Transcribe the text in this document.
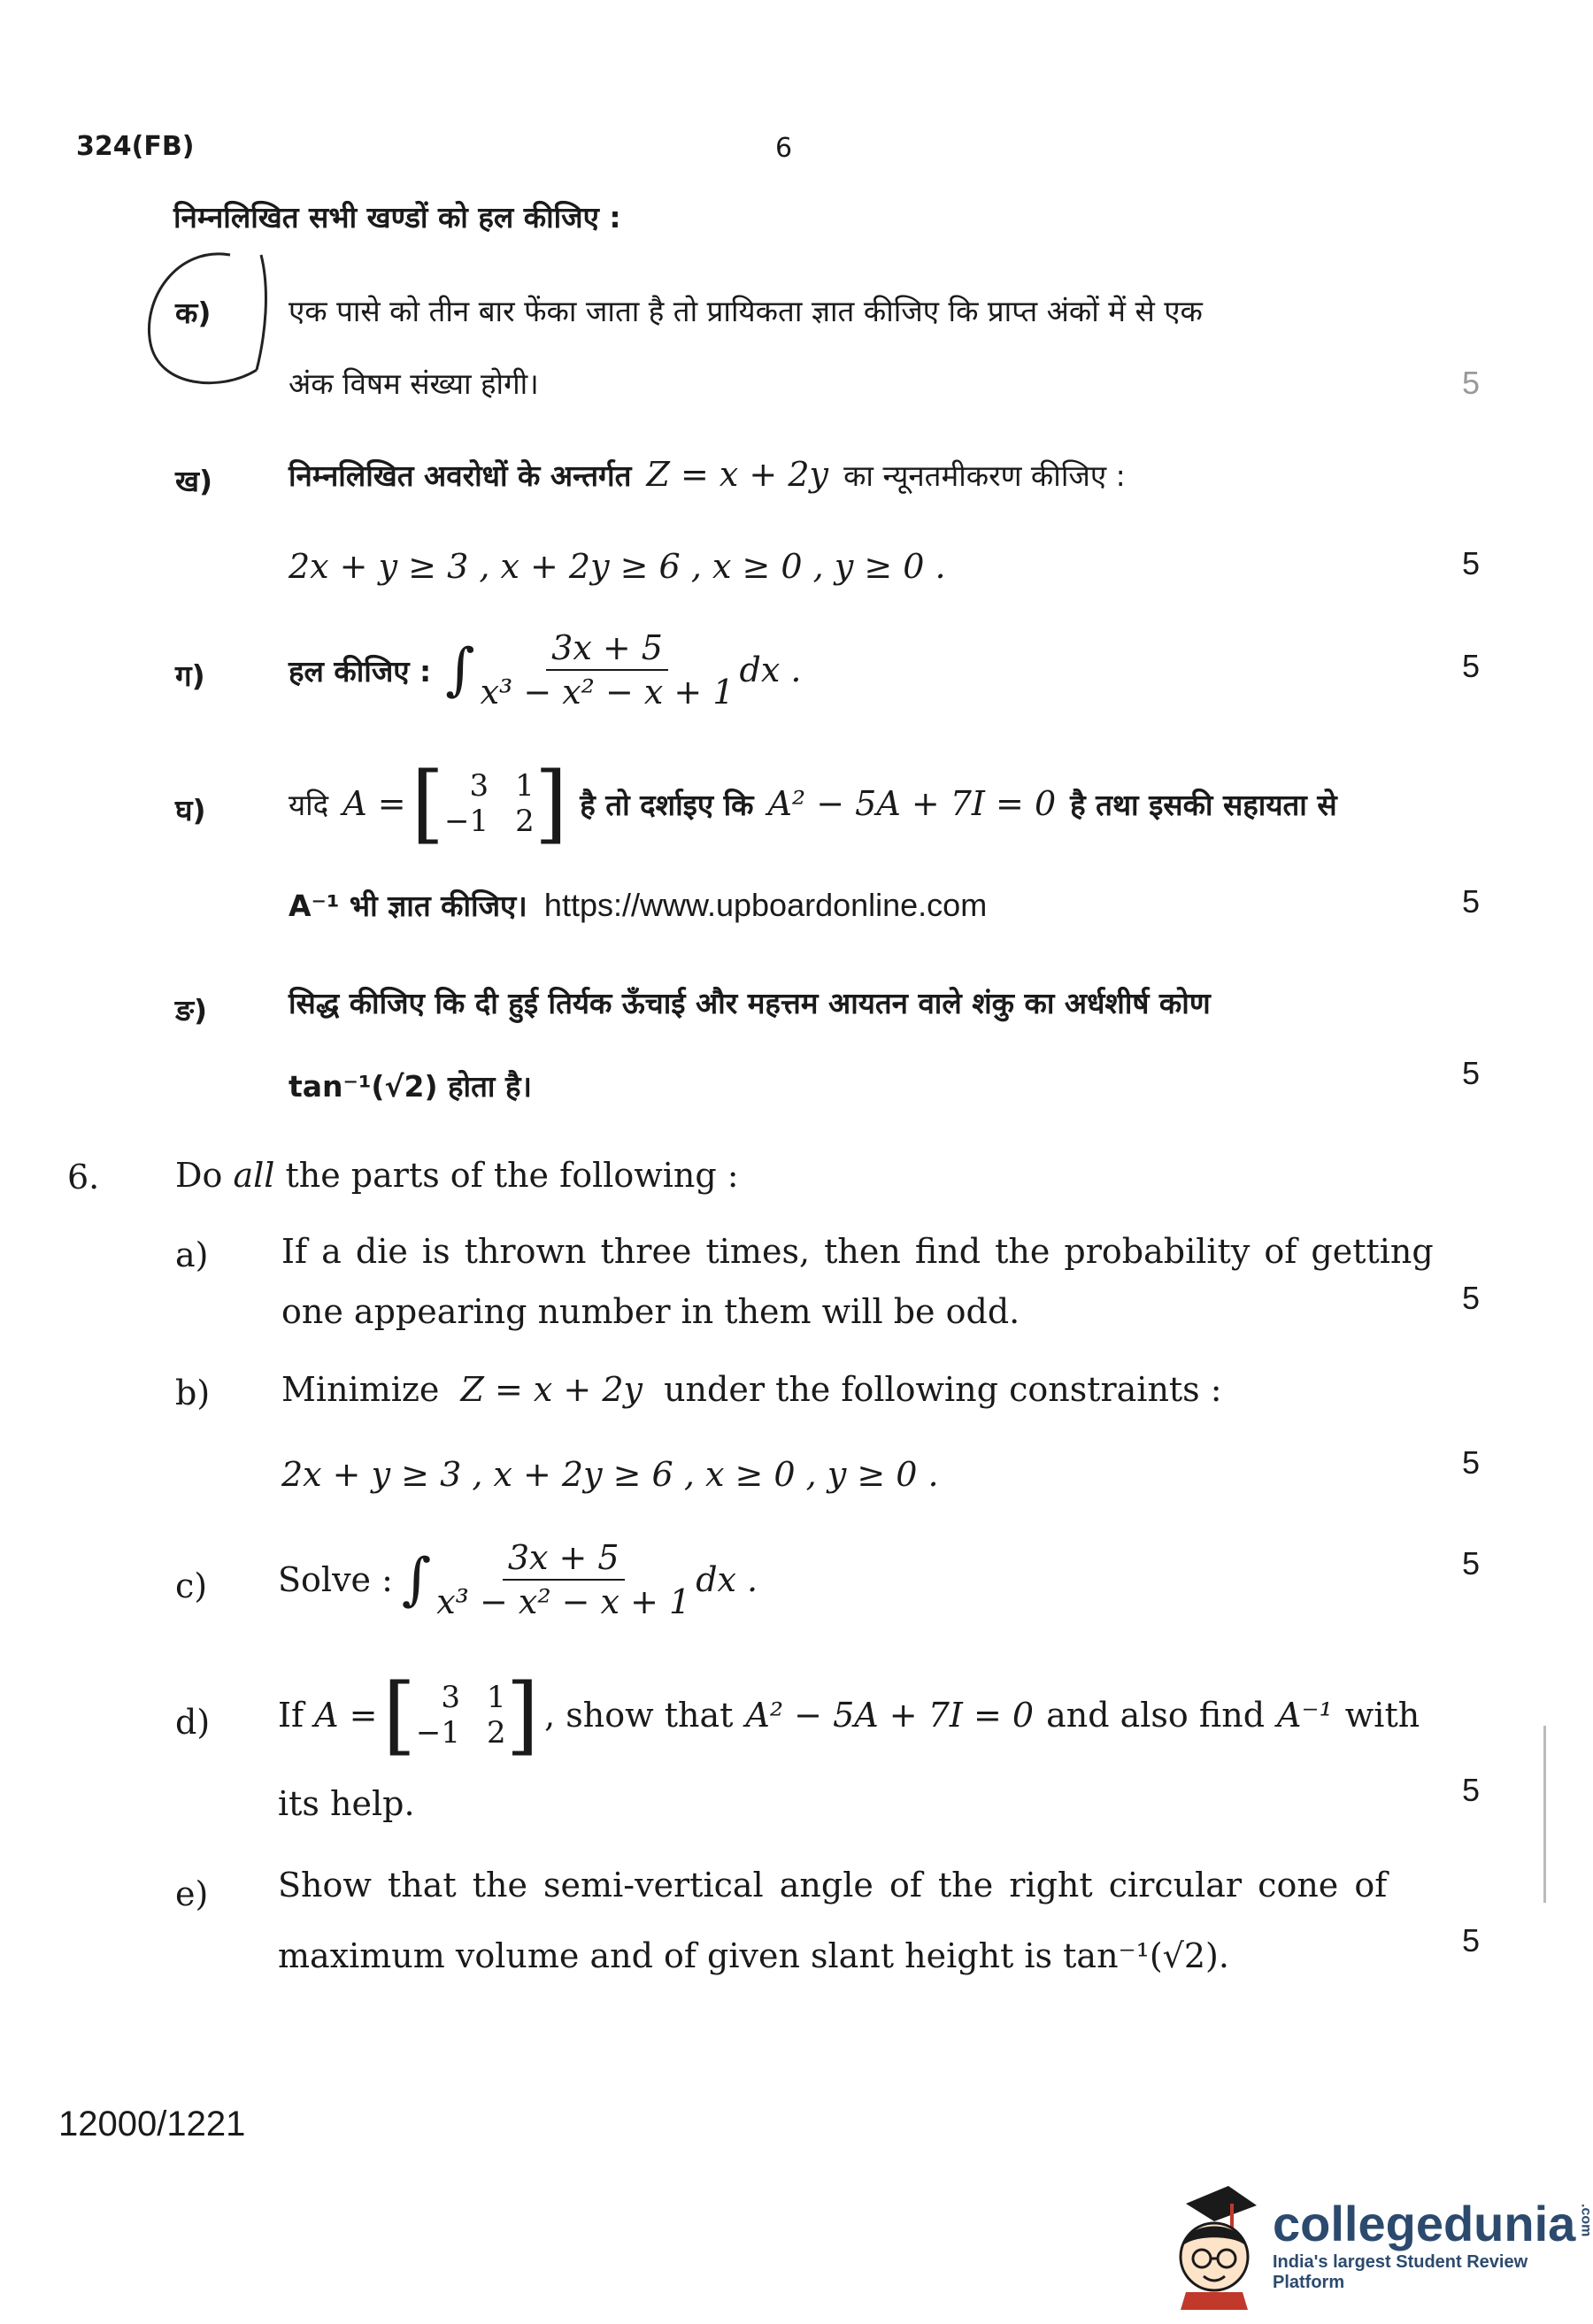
324(FB)	6
निम्नलिखित सभी खण्डों को हल कीजिए :
क)	एक पासे को तीन बार फेंका जाता है तो प्रायिकता ज्ञात कीजिए कि प्राप्त अंकों में से एक
अंक विषम संख्या होगी।	5
ख)	निम्नलिखित अवरोधों के अन्तर्गत Z = x + 2y का न्यूनतमीकरण कीजिए :
2x + y ≥ 3 , x + 2y ≥ 6 , x ≥ 0 , y ≥ 0 .	5
ग)	हल कीजिए : ∫ $\frac{3x + 5}{\text{x³ − x² − x + 1}}$ dx .	5
घ)	यदि A = [ 3 1
−1 2 ] है तो दर्शाइए कि A² − 5A + 7I = 0 है तथा इसकी सहायता से
A⁻¹ भी ज्ञात कीजिए। https://www.upboardonline.com	5
ङ)	सिद्ध कीजिए कि दी हुई तिर्यक ऊँचाई और महत्तम आयतन वाले शंकु का अर्धशीर्ष कोण
tan⁻¹(√2) होता है।	5
6. Do all the parts of the following :
a) If a die is thrown three times, then find the probability of getting
one appearing number in them will be odd.	5
b) Minimize Z = x + 2y under the following constraints :
2x + y ≥ 3 , x + 2y ≥ 6 , x ≥ 0 , y ≥ 0 .	5
c) Solve : ∫ $\frac{3x + 5}{\text{x³ − x² − x + 1}}$ dx .	5
d) If A = [ 3 1
−1 2 ] , show that A² − 5A + 7I = 0 and also find A⁻¹ with
its help.	5
e) Show that the semi-vertical angle of the right circular cone of
maximum volume and of given slant height is tan⁻¹(√2).	5
12000/1221
collegedunia .com
India's largest Student Review Platform
